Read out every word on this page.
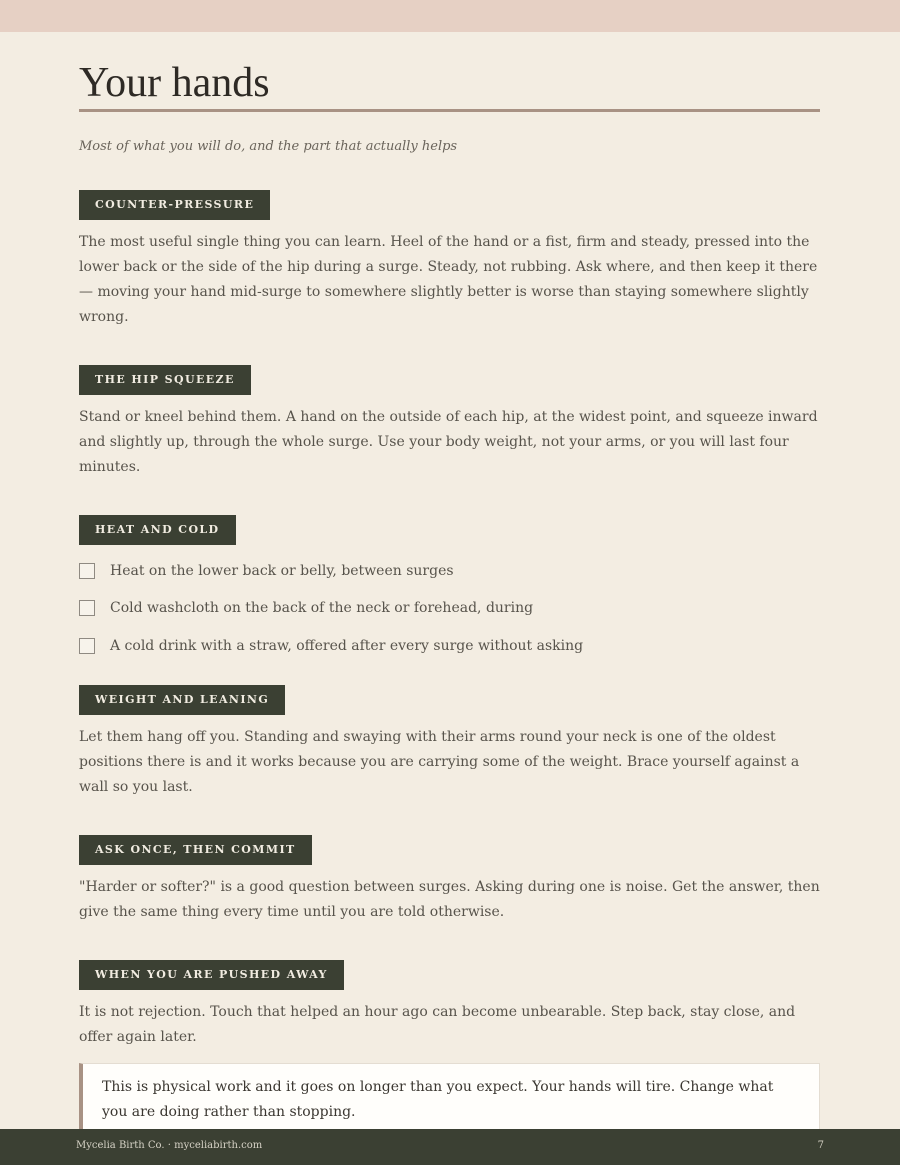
Your hands
Most of what you will do, and the part that actually helps
COUNTER-PRESSURE

The most useful single thing you can learn. Heel of the hand or a fist, firm and steady, pressed into the lower back or the side of the hip during a surge. Steady, not rubbing. Ask where, and then keep it there — moving your hand mid-surge to somewhere slightly better is worse than staying somewhere slightly wrong.

THE HIP SQUEEZE

Stand or kneel behind them. A hand on the outside of each hip, at the widest point, and squeeze inward and slightly up, through the whole surge. Use your body weight, not your arms, or you will last four minutes.

HEAT AND COLD
Heat on the lower back or belly, between surges
Cold washcloth on the back of the neck or forehead, during
A cold drink with a straw, offered after every surge without asking
WEIGHT AND LEANING

Let them hang off you. Standing and swaying with their arms round your neck is one of the oldest positions there is and it works because you are carrying some of the weight. Brace yourself against a wall so you last.

ASK ONCE, THEN COMMIT

"Harder or softer?" is a good question between surges. Asking during one is noise. Get the answer, then give the same thing every time until you are told otherwise.

WHEN YOU ARE PUSHED AWAY

It is not rejection. Touch that helped an hour ago can become unbearable. Step back, stay close, and offer again later.

This is physical work and it goes on longer than you expect. Your hands will tire. Change what you are doing rather than stopping.
Mycelia Birth Co. · myceliabirth.com	7
